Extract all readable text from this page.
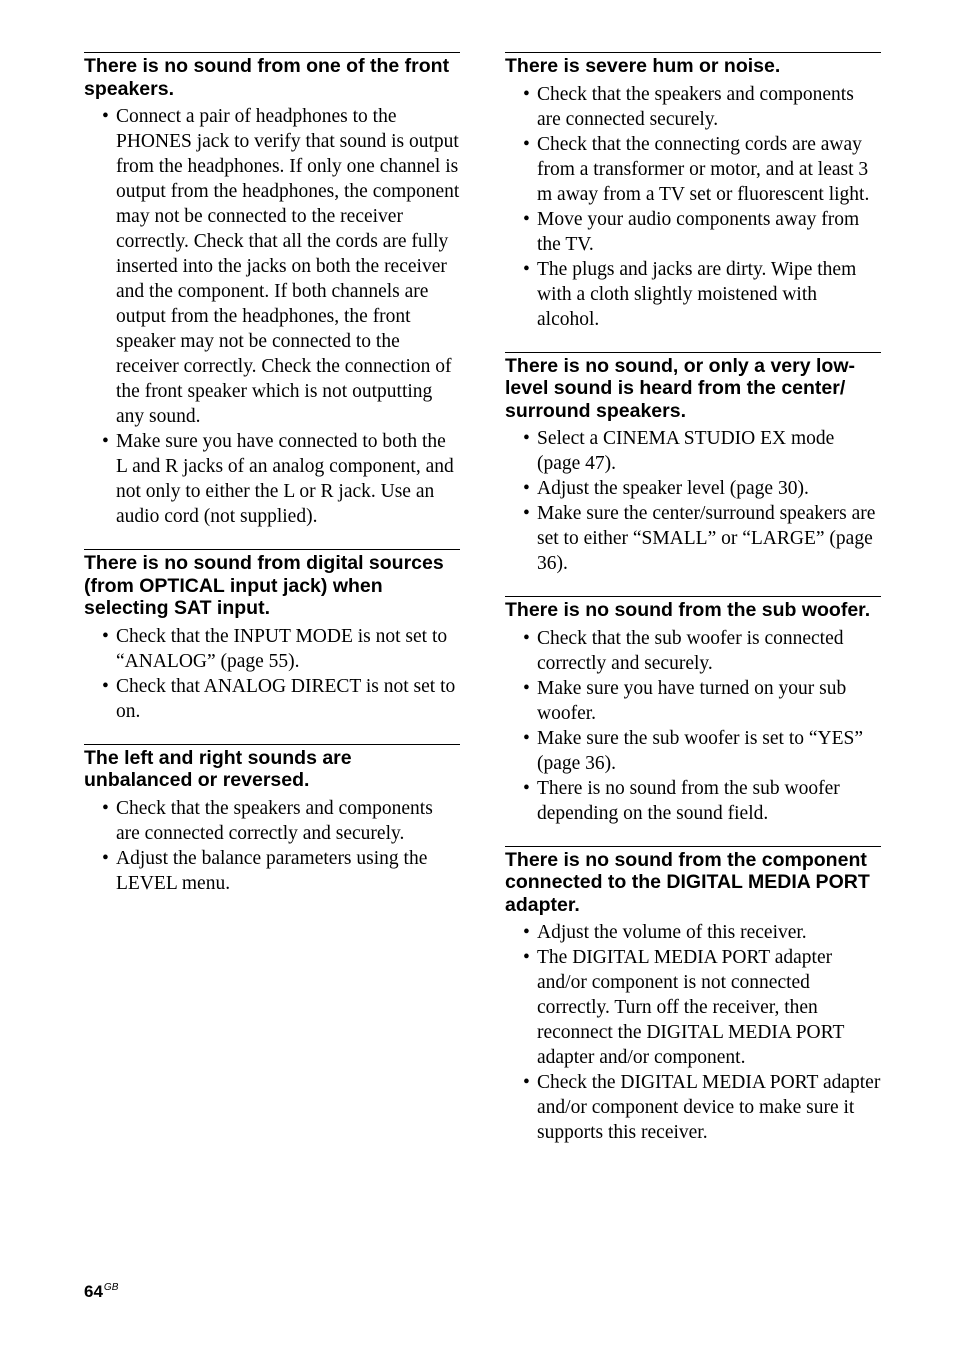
There is no sound from one of the front speakers.
• Connect a pair of headphones to the PHONES jack to verify that sound is output from the headphones. If only one channel is output from the headphones, the component may not be connected to the receiver correctly. Check that all the cords are fully inserted into the jacks on both the receiver and the component. If both channels are output from the headphones, the front speaker may not be connected to the receiver correctly. Check the connection of the front speaker which is not outputting any sound.
• Make sure you have connected to both the L and R jacks of an analog component, and not only to either the L or R jack. Use an audio cord (not supplied).
There is no sound from digital sources (from OPTICAL input jack) when selecting SAT input.
• Check that the INPUT MODE is not set to “ANALOG” (page 55).
• Check that ANALOG DIRECT is not set to on.
The left and right sounds are unbalanced or reversed.
• Check that the speakers and components are connected correctly and securely.
• Adjust the balance parameters using the LEVEL menu.
There is severe hum or noise.
• Check that the speakers and components are connected securely.
• Check that the connecting cords are away from a transformer or motor, and at least 3 m away from a TV set or fluorescent light.
• Move your audio components away from the TV.
• The plugs and jacks are dirty. Wipe them with a cloth slightly moistened with alcohol.
There is no sound, or only a very low-level sound is heard from the center/ surround speakers.
• Select a CINEMA STUDIO EX mode (page 47).
• Adjust the speaker level (page 30).
• Make sure the center/surround speakers are set to either “SMALL” or “LARGE” (page 36).
There is no sound from the sub woofer.
• Check that the sub woofer is connected correctly and securely.
• Make sure you have turned on your sub woofer.
• Make sure the sub woofer is set to “YES” (page 36).
• There is no sound from the sub woofer depending on the sound field.
There is no sound from the component connected to the DIGITAL MEDIA PORT adapter.
• Adjust the volume of this receiver.
• The DIGITAL MEDIA PORT adapter and/or component is not connected correctly. Turn off the receiver, then reconnect the DIGITAL MEDIA PORT adapter and/or component.
• Check the DIGITAL MEDIA PORT adapter and/or component device to make sure it supports this receiver.
$64^{GB}$
